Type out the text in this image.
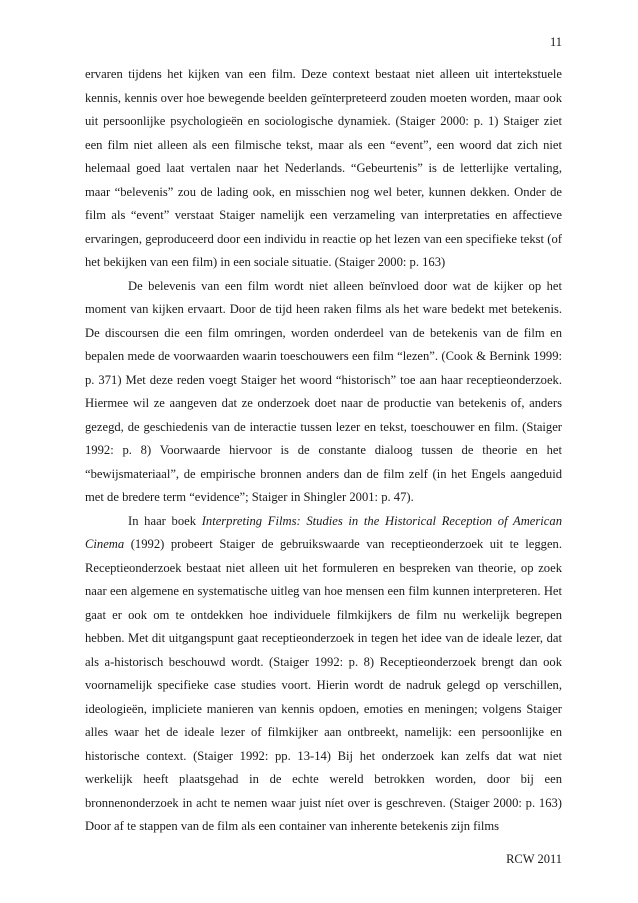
11

ervaren tijdens het kijken van een film. Deze context bestaat niet alleen uit intertekstuele kennis, kennis over hoe bewegende beelden geïnterpreteerd zouden moeten worden, maar ook uit persoonlijke psychologieën en sociologische dynamiek. (Staiger 2000: p. 1) Staiger ziet een film niet alleen als een filmische tekst, maar als een “event”, een woord dat zich niet helemaal goed laat vertalen naar het Nederlands. “Gebeurtenis” is de letterlijke vertaling, maar “belevenis” zou de lading ook, en misschien nog wel beter, kunnen dekken. Onder de film als “event” verstaat Staiger namelijk een verzameling van interpretaties en affectieve ervaringen, geproduceerd door een individu in reactie op het lezen van een specifieke tekst (of het bekijken van een film) in een sociale situatie. (Staiger 2000: p. 163)

De belevenis van een film wordt niet alleen beïnvloed door wat de kijker op het moment van kijken ervaart. Door de tijd heen raken films als het ware bedekt met betekenis. De discoursen die een film omringen, worden onderdeel van de betekenis van de film en bepalen mede de voorwaarden waarin toeschouwers een film “lezen”. (Cook & Bernink 1999: p. 371) Met deze reden voegt Staiger het woord “historisch” toe aan haar receptieonderzoek. Hiermee wil ze aangeven dat ze onderzoek doet naar de productie van betekenis of, anders gezegd, de geschiedenis van de interactie tussen lezer en tekst, toeschouwer en film. (Staiger 1992: p. 8) Voorwaarde hiervoor is de constante dialoog tussen de theorie en het “bewijsmateriaal”, de empirische bronnen anders dan de film zelf (in het Engels aangeduid met de bredere term “evidence”; Staiger in Shingler 2001: p. 47).

In haar boek Interpreting Films: Studies in the Historical Reception of American Cinema (1992) probeert Staiger de gebruikswaarde van receptieonderzoek uit te leggen. Receptieonderzoek bestaat niet alleen uit het formuleren en bespreken van theorie, op zoek naar een algemene en systematische uitleg van hoe mensen een film kunnen interpreteren. Het gaat er ook om te ontdekken hoe individuele filmkijkers de film nu werkelijk begrepen hebben. Met dit uitgangspunt gaat receptieonderzoek in tegen het idee van de ideale lezer, dat als a-historisch beschouwd wordt. (Staiger 1992: p. 8) Receptieonderzoek brengt dan ook voornamelijk specifieke case studies voort. Hierin wordt de nadruk gelegd op verschillen, ideologieën, impliciete manieren van kennis opdoen, emoties en meningen; volgens Staiger alles waar het de ideale lezer of filmkijker aan ontbreekt, namelijk: een persoonlijke en historische context. (Staiger 1992: pp. 13-14) Bij het onderzoek kan zelfs dat wat niet werkelijk heeft plaatsgehad in de echte wereld betrokken worden, door bij een bronnenonderzoek in acht te nemen waar juist níet over is geschreven. (Staiger 2000: p. 163) Door af te stappen van de film als een container van inherente betekenis zijn films

RCW 2011
